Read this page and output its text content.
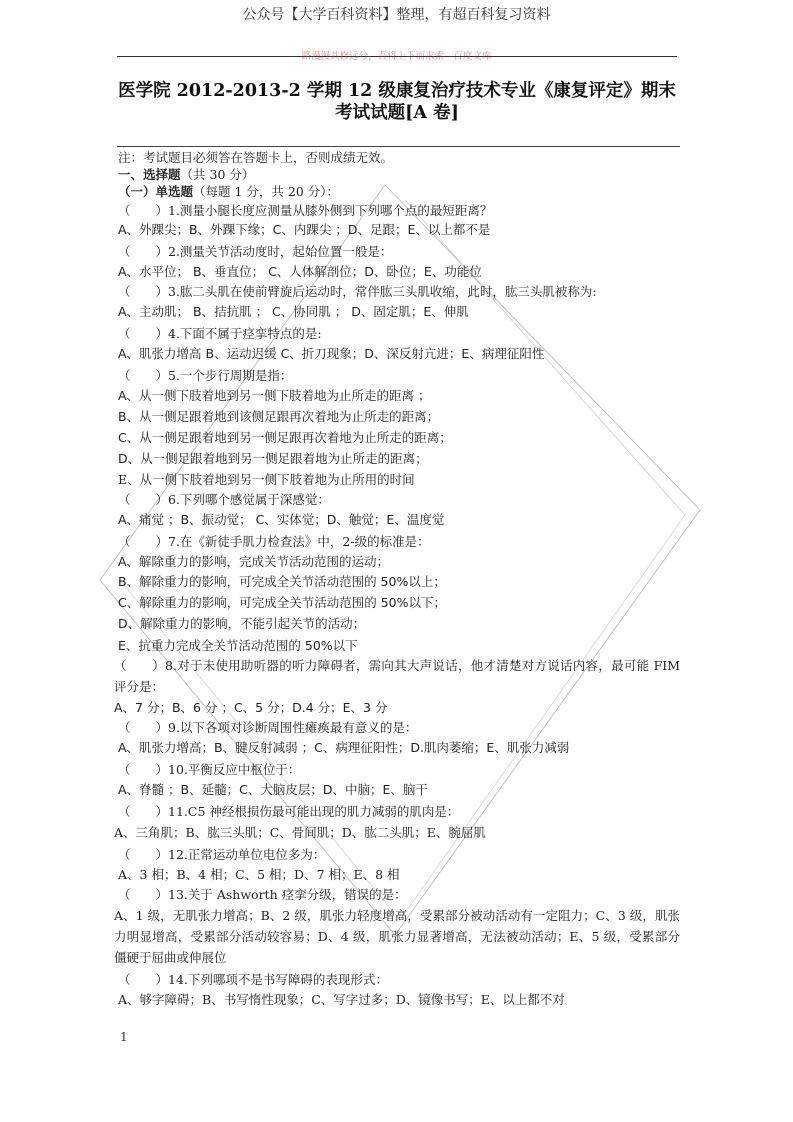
公众号【大学百科资料】整理，有超百科复习资料
路漫漫其修远兮，吾将上下而求索 - 百度文库
医学院 2012-2013-2 学期 12 级康复治疗技术专业《康复评定》期末
考试试题[A 卷]
注：考试题目必须答在答题卡上，否则成绩无效。
一、选择题（共 30 分）
（一）单选题（每题 1 分，共 20 分）：
（　　）1.测量小腿长度应测量从膝外侧到下列哪个点的最短距离？
A、外踝尖；B、外踝下缘；C、内踝尖 ；D、足跟；E、以上都不是
（　　）2.测量关节活动度时，起始位置一般是：
A、水平位； B、垂直位； C、人体解剖位；D、卧位；E、功能位
（　　）3.肱二头肌在使前臂旋后运动时，常伴肱三头肌收缩，此时，肱三头肌被称为:
A、主动肌； B、拮抗肌 ； C、协同肌 ； D、固定肌；E、伸肌
（　　）4.下面不属于痉挛特点的是:
A、肌张力增高 B、运动迟缓 C、折刀现象；D、深反射亢进；E、病理征阳性
（　　）5.一个步行周期是指：
A、从一侧下肢着地到另一侧下肢着地为止所走的距离 ；
B、从一侧足跟着地到该侧足跟再次着地为止所走的距离；
C、从一侧足跟着地到另一侧足跟再次着地为止所走的距离；
D、从一侧足跟着地到另一侧足跟着地为止所走的距离；
E、从一侧下肢着地到另一侧下肢着地为止所用的时间
（　　）6.下列哪个感觉属于深感觉：
A、痛觉 ；B、振动觉； C、实体觉；D、触觉；E、温度觉
（　　）7.在《新徒手肌力检查法》中，2-级的标准是：
A、解除重力的影响，完成关节活动范围的运动；
B、解除重力的影响，可完成全关节活动范围的 50%以上；
C、解除重力的影响，可完成全关节活动范围的 50%以下；
D、解除重力的影响，不能引起关节的活动；
E、抗重力完成全关节活动范围的 50%以下
（　　）8.对于未使用助听器的听力障碍者，需向其大声说话，他才清楚对方说话内容，最可能 FIM 评分是：
A、7 分；B、6 分 ；C、5 分；D.4 分；E、3 分
（　　）9.以下各项对诊断周围性瘫痪最有意义的是：
A、肌张力增高；B、腱反射减弱 ；C、病理征阳性；D.肌肉萎缩；E、肌张力减弱
（　　）10.平衡反应中枢位于：
A、脊髓 ；B、延髓；C、大脑皮层；D、中脑；E、脑干
（　　）11.C5 神经根损伤最可能出现的肌力减弱的肌肉是：
A、三角肌；B、肱三头肌；C、骨间肌；D、肱二头肌；E、腕屈肌
（　　）12.正常运动单位电位多为：
A、3 相；B、4 相；C、5 相；D、7 相；E、8 相
（　　）13.关于 Ashworth 痉挛分级，错误的是：
A、1 级，无肌张力增高；B、2 级，肌张力轻度增高，受累部分被动活动有一定阻力；C、3 级，肌张力明显增高，受累部分活动较容易；D、4 级，肌张力显著增高，无法被动活动；E、5 级，受累部分僵硬于屈曲或伸展位
（　　）14.下列哪项不是书写障碍的表现形式：
A、够字障碍；B、书写惰性现象；C、写字过多；D、镜像书写；E、以上都不对
1
